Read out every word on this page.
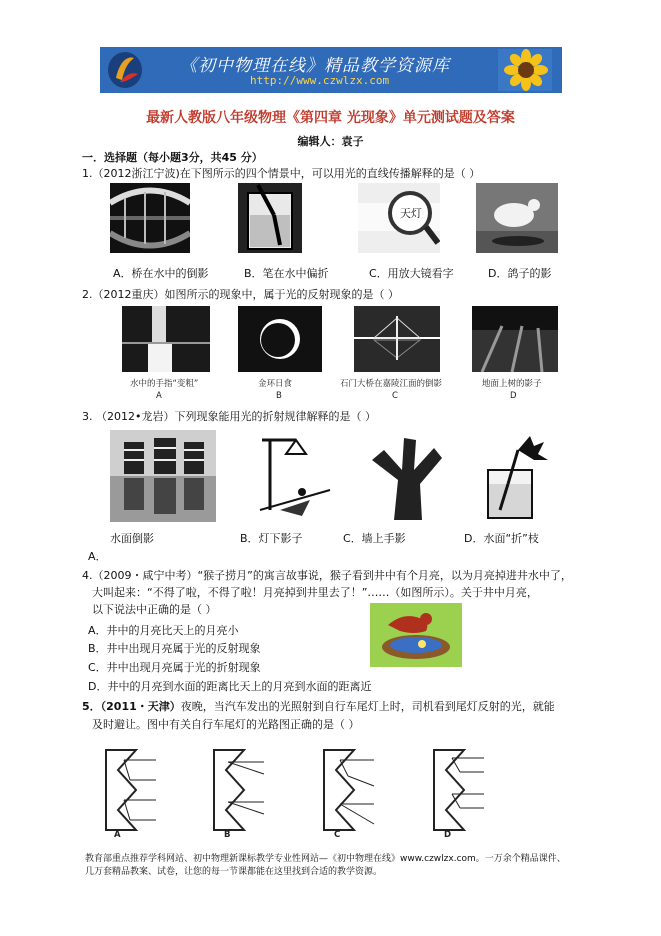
《初中物理在线》精品教学资源库
http://www.czwlzx.com
最新人教版八年级物理《第四章 光现象》单元测试题及答案
编辑人：袁子
一．选择题（每小题3分，共45 分）
1.（2012浙江宁波)在下图所示的四个情景中，可以用光的直线传播解释的是（ ）
天灯
A．桥在水中的倒影	B．笔在水中偏折	C．用放大镜看字	D．鸽子的影
2.（2012重庆）如图所示的现象中，属于光的反射现象的是（ ）
水中的手指“变粗”	金环日食	石门大桥在嘉陵江面的倒影	地面上树的影子
A	B	C	D
3. （2012•龙岩）下列现象能用光的折射规律解释的是（ ）
水面倒影	B．灯下影子	C．墙上手影	D．水面“折”枝
A．
4.（2009・咸宁中考）“猴子捞月”的寓言故事说，猴子看到井中有个月亮，以为月亮掉进井水中了，
大叫起来：“不得了啦，不得了啦！月亮掉到井里去了！”……（如图所示）。关于井中月亮，
以下说法中正确的是（ ）
A．井中的月亮比天上的月亮小
B．井中出现月亮属于光的反射现象
C．井中出现月亮属于光的折射现象
D．井中的月亮到水面的距离比天上的月亮到水面的距离近
5．（2011・天津）夜晚，当汽车发出的光照射到自行车尾灯上时，司机看到尾灯反射的光，就能
及时避让。图中有关自行车尾灯的光路图正确的是（ ）
A	B	C	D
教育部重点推荐学科网站、初中物理新课标教学专业性网站—《初中物理在线》www.czwlzx.com。一万余个精品课件、
几万套精品教案、试卷，让您的每一节课都能在这里找到合适的教学资源。
